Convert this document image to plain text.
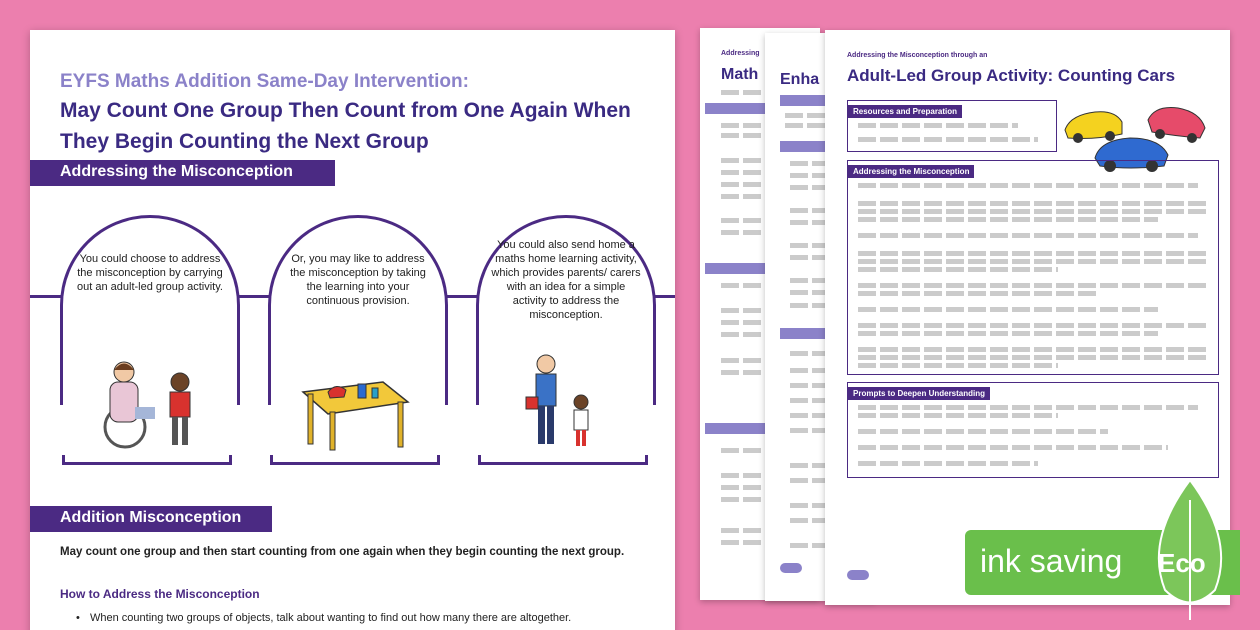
Addressing
Math	Enha
Addressing the Misconception through an
Adult-Led Group Activity: Counting Cars
Resources and Preparation
Addressing the Misconception
Prompts to Deepen Understanding
EYFS Maths Addition Same-Day Intervention:
May Count One Group Then Count from One Again When They Begin Counting the Next Group
Addressing the Misconception
You could choose to address the misconception by carrying out an adult-led group activity.
Or, you may like to address the misconception by taking the learning into your continuous provision.
You could also send home a maths home learning activity, which provides parents/ carers with an idea for a simple activity to address the misconception.
Addition Misconception
May count one group and then start counting from one again when they begin counting the next group.
How to Address the Misconception
• When counting two groups of objects, talk about wanting to find out how many there are altogether.
ink saving Eco
